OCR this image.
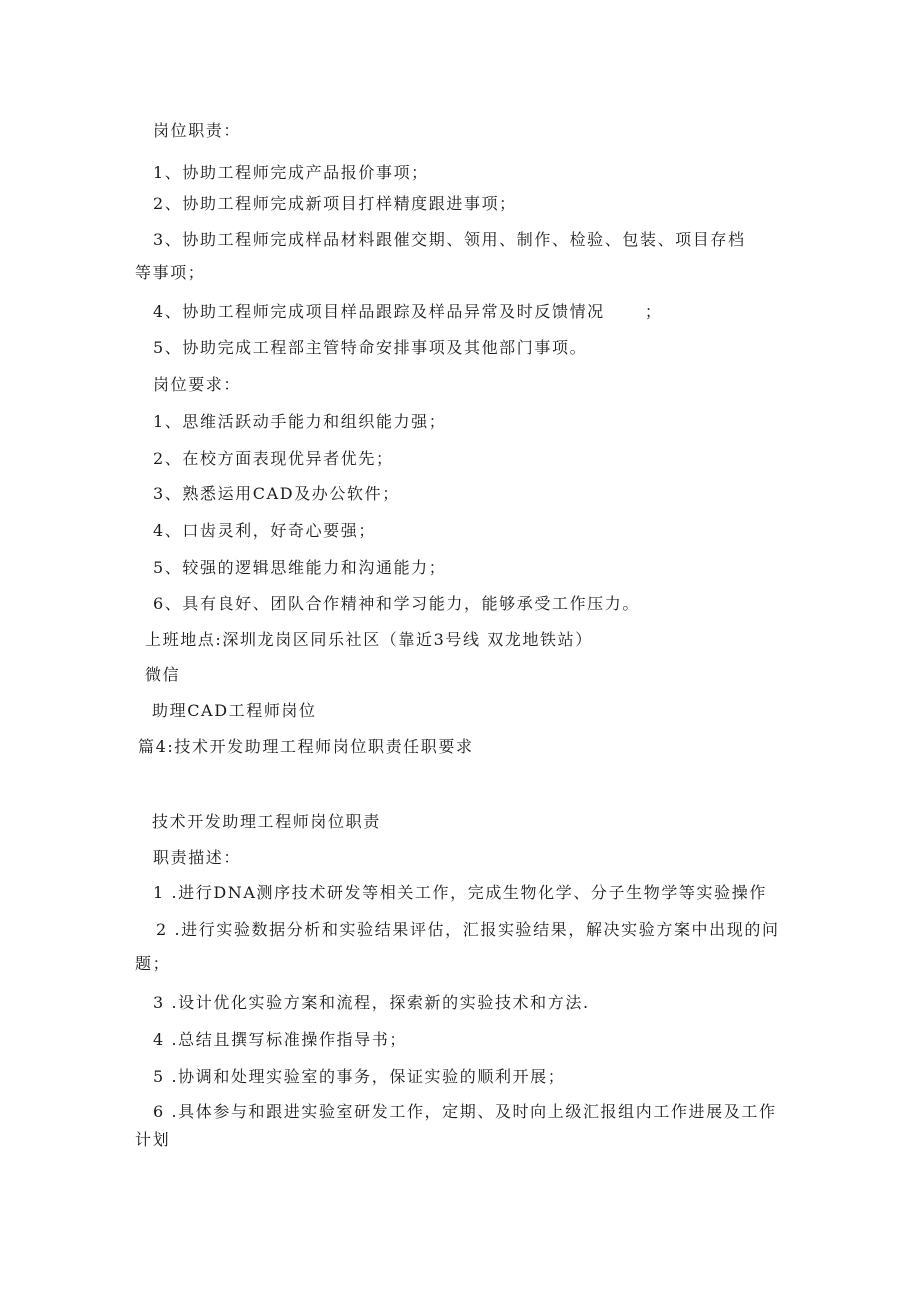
岗位职责：
1、协助工程师完成产品报价事项；
2、协助工程师完成新项目打样精度跟进事项；
3、协助工程师完成样品材料跟催交期、领用、制作、检验、包装、项目存档
等事项；
4、协助工程师完成项目样品跟踪及样品异常及时反馈情况      ；
5、协助完成工程部主管特命安排事项及其他部门事项。
岗位要求：
1、思维活跃动手能力和组织能力强；
2、在校方面表现优异者优先；
3、熟悉运用CAD及办公软件；
4、口齿灵利，好奇心要强；
5、较强的逻辑思维能力和沟通能力；
6、具有良好、团队合作精神和学习能力，能够承受工作压力。
上班地点:深圳龙岗区同乐社区（靠近3号线 双龙地铁站）
微信
助理CAD工程师岗位
篇4:技术开发助理工程师岗位职责任职要求
技术开发助理工程师岗位职责
职责描述：
1 .进行DNA测序技术研发等相关工作，完成生物化学、分子生物学等实验操作
2 .进行实验数据分析和实验结果评估，汇报实验结果，解决实验方案中出现的问
题；
3 .设计优化实验方案和流程，探索新的实验技术和方法.
4 .总结且撰写标准操作指导书；
5 .协调和处理实验室的事务，保证实验的顺利开展；
6 .具体参与和跟进实验室研发工作，定期、及时向上级汇报组内工作进展及工作
计划
